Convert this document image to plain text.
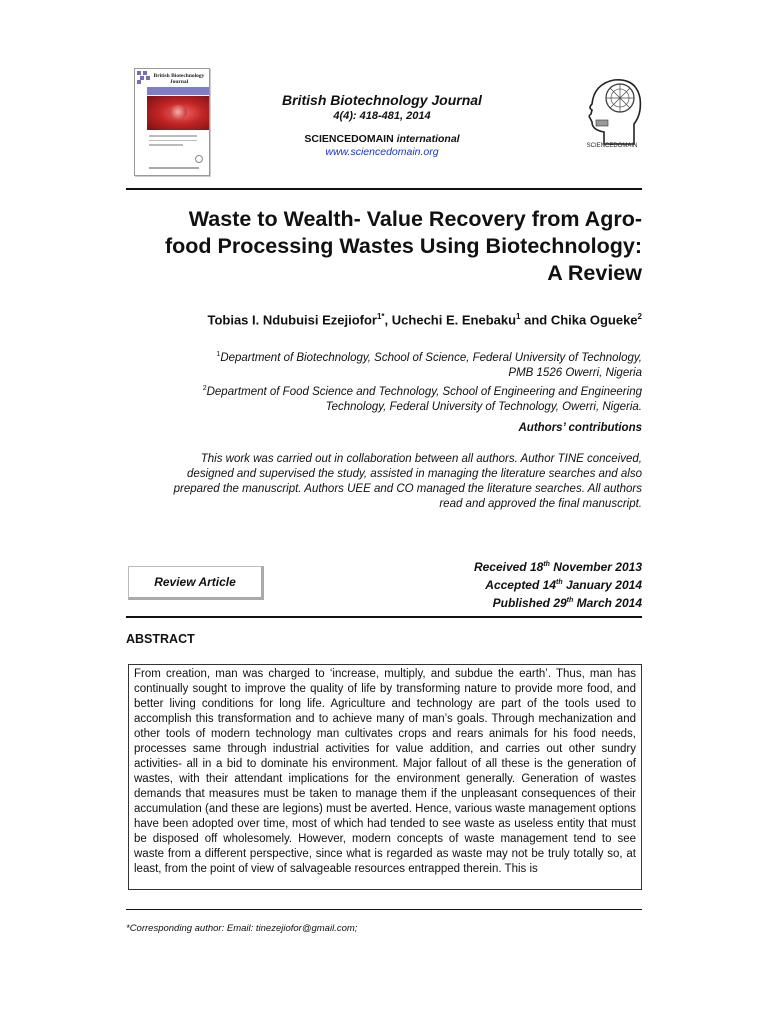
British Biotechnology Journal
British Biotechnology Journal
4(4): 418-481, 2014
SCIENCEDOMAIN international
www.sciencedomain.org	SCIENCEDOMAIN
Waste to Wealth- Value Recovery from Agro-
food Processing Wastes Using Biotechnology:
A Review
Tobias I. Ndubuisi Ezejiofor$^{1*}$, Uchechi E. Enebaku$^1$ and Chika Ogueke$^2$
$^1$Department of Biotechnology, School of Science, Federal University of Technology,
PMB 1526 Owerri, Nigeria
$^2$Department of Food Science and Technology, School of Engineering and Engineering
Technology, Federal University of Technology, Owerri, Nigeria.
Authors’ contributions
This work was carried out in collaboration between all authors. Author TINE conceived,
designed and supervised the study, assisted in managing the literature searches and also
prepared the manuscript. Authors UEE and CO managed the literature searches. All authors
read and approved the final manuscript.
Review Article
Received 18th November 2013
Accepted 14th January 2014
Published 29th March 2014
ABSTRACT

From creation, man was charged to ‘increase, multiply, and subdue the earth’. Thus, man has continually sought to improve the quality of life by transforming nature to provide more food, and better living conditions for long life. Agriculture and technology are part of the tools used to accomplish this transformation and to achieve many of man’s goals. Through mechanization and other tools of modern technology man cultivates crops and rears animals for his food needs, processes same through industrial activities for value addition, and carries out other sundry activities- all in a bid to dominate his environment. Major fallout of all these is the generation of wastes, with their attendant implications for the environment generally. Generation of wastes demands that measures must be taken to manage them if the unpleasant consequences of their accumulation (and these are legions) must be averted. Hence, various waste management options have been adopted over time, most of which had tended to see waste as useless entity that must be disposed off wholesomely. However, modern concepts of waste management tend to see waste from a different perspective, since what is regarded as waste may not be truly totally so, at least, from the point of view of salvageable resources entrapped therein. This is

*Corresponding author: Email: tinezejiofor@gmail.com;
